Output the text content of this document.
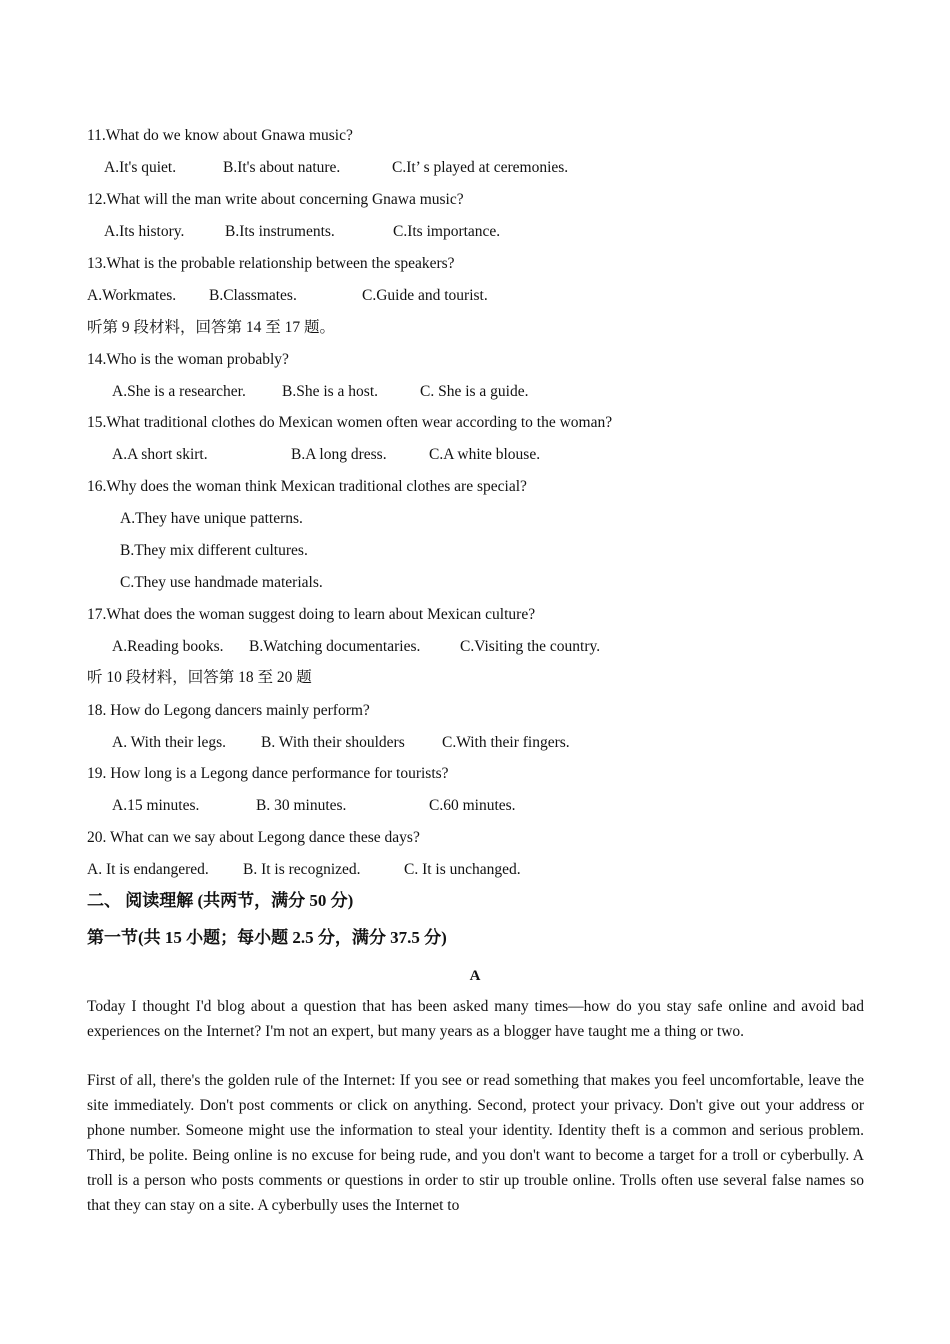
11.What do we know about Gnawa music?
A.It's quiet.	B.It's about nature.	C.It’ s played at ceremonies.
12.What will the man write about concerning Gnawa music?
A.Its history.	B.Its instruments.	C.Its importance.
13.What is the probable relationship between the speakers?
A.Workmates. B.Classmates.	C.Guide and tourist.
听第 9 段材料，回答第 14 至 17 题。
14.Who is the woman probably?
A.She is a researcher. B.She is a host.	C. She is a guide.
15.What traditional clothes do Mexican women often wear according to the woman?
A.A short skirt.	B.A long dress.	C.A white blouse.
16.Why does the woman think Mexican traditional clothes are special?
A.They have unique patterns.
B.They mix different cultures.
C.They use handmade materials.
17.What does the woman suggest doing to learn about Mexican culture?
A.Reading books. B.Watching documentaries.	C.Visiting the country.
听 10 段材料，回答第 18 至 20 题
18. How do Legong dancers mainly perform?
A. With their legs. B. With their shoulders C.With their fingers.
19. How long is a Legong dance performance for tourists?
A.15 minutes.	B. 30 minutes.	C.60 minutes.
20. What can we say about Legong dance these days?
A. It is endangered. B. It is recognized.	C. It is unchanged.
二、 阅读理解 (共两节，满分 50 分)
第一节(共 15 小题；每小题 2.5 分，满分 37.5 分)
A
Today I thought I'd blog about a question that has been asked many times—how do you stay safe online and avoid bad experiences on the Internet? I'm not an expert, but many years as a blogger have taught me a thing or two.
First of all, there's the golden rule of the Internet: If you see or read something that makes you feel uncomfortable, leave the site immediately. Don't post comments or click on anything. Second, protect your privacy. Don't give out your address or phone number. Someone might use the information to steal your identity. Identity theft is a common and serious problem. Third, be polite. Being online is no excuse for being rude, and you don't want to become a target for a troll or cyberbully. A troll is a person who posts comments or questions in order to stir up trouble online. Trolls often use several false names so that they can stay on a site. A cyberbully uses the Internet to
